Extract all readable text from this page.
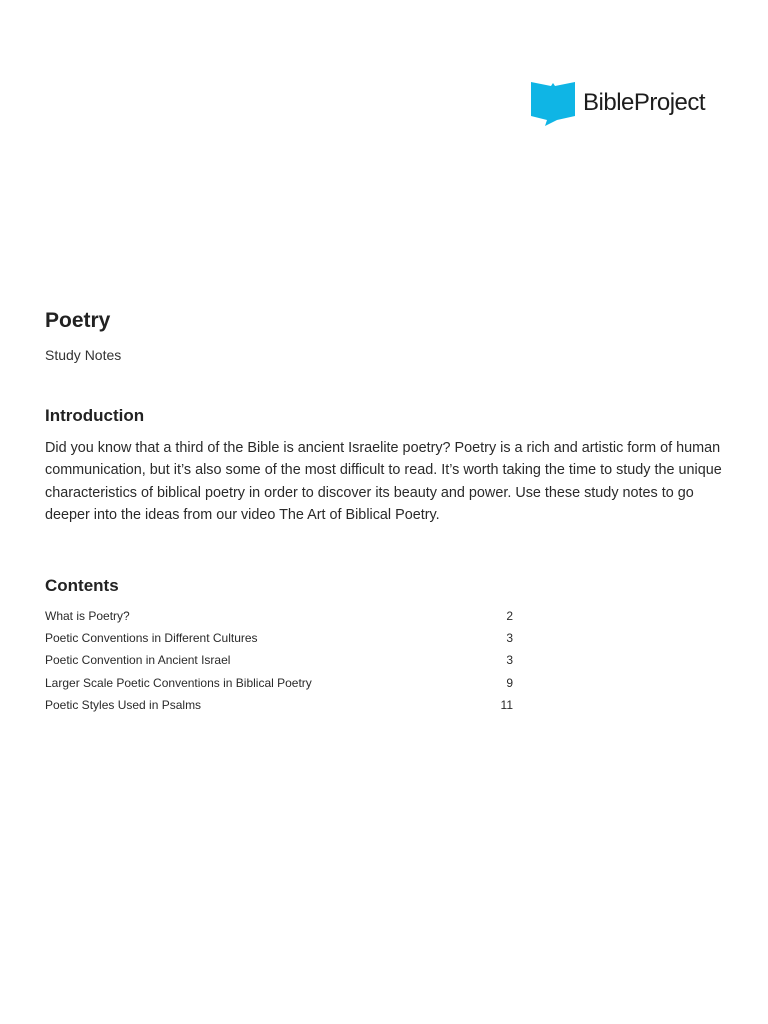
BibleProject
Poetry

Study Notes

Introduction

Did you know that a third of the Bible is ancient Israelite poetry? Poetry is a rich and artistic form of human communication, but it’s also some of the most difficult to read. It’s worth taking the time to study the unique characteristics of biblical poetry in order to discover its beauty and power. Use these study notes to go deeper into the ideas from our video The Art of Biblical Poetry.

Contents
What is Poetry?	2
Poetic Conventions in Different Cultures	3
Poetic Convention in Ancient Israel	3
Larger Scale Poetic Conventions in Biblical Poetry	9
Poetic Styles Used in Psalms	11
